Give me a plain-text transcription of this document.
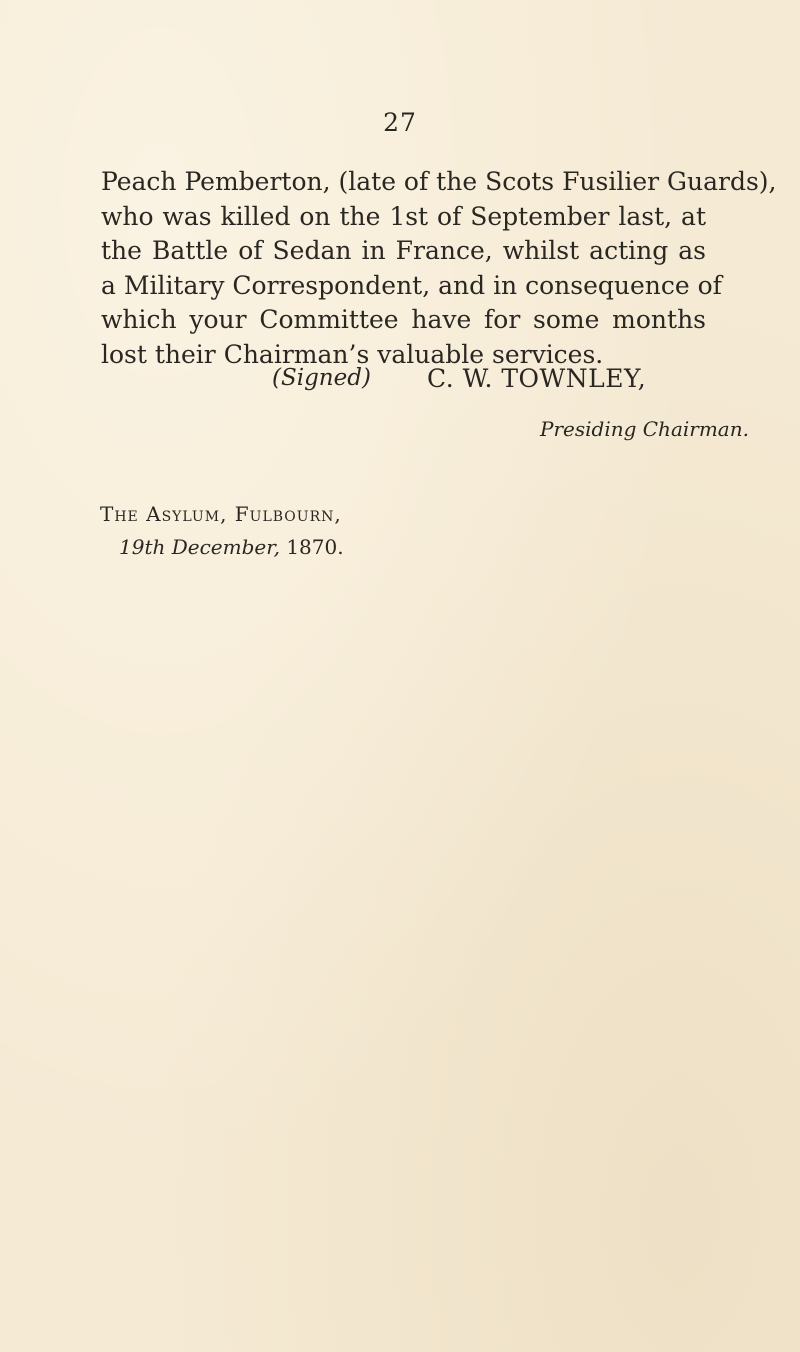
27
Peach Pemberton, (late of the Scots Fusilier Guards),
who was killed on the 1st of September last, at
the Battle of Sedan in France, whilst acting as
a Military Correspondent, and in consequence of
which your Committee have for some months
lost their Chairman’s valuable services.
(Signed) C. W. TOWNLEY,
Presiding Chairman.
The Asylum, Fulbourn,
19th December, 1870.
